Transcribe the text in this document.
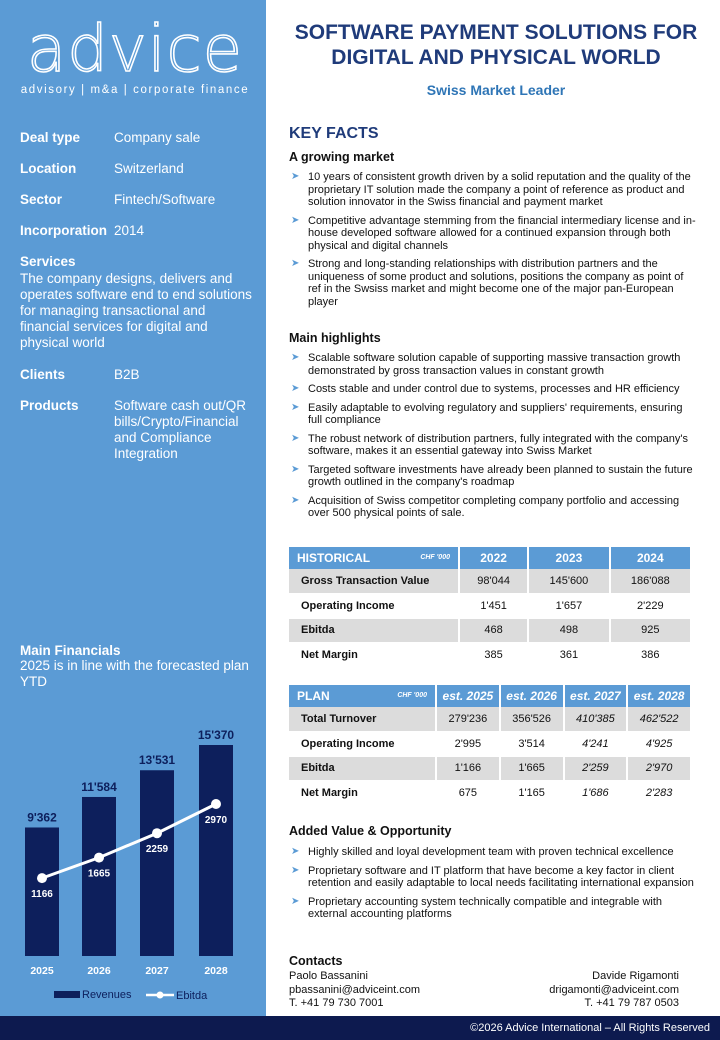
advice
advisory | m&a | corporate finance
Deal type	Company sale
Location	Switzerland
Sector	Fintech/Software
Incorporation 2014
Services
The company designs, delivers and operates software end to end solutions for managing transactional and financial services for digital and physical world
Clients	B2B
Products	Software cash out/QR bills/Crypto/Financial and Compliance Integration
Main Financials
2025 is in line with the forecasted plan YTD
9'362
2025
11'584
2026
13'531
2027
15'370
2028
1166
1665
2259
2970
Revenues	Ebitda
SOFTWARE PAYMENT SOLUTIONS FOR DIGITAL AND PHYSICAL WORLD
Swiss Market Leader
KEY FACTS
A growing market
➤ 10 years of consistent growth driven by a solid reputation and the quality of the proprietary IT solution made the company a point of reference as product and solution innovator in the Swiss financial and payment market
➤ Competitive advantage stemming from the financial intermediary license and in-house developed software allowed for a continued expansion through both physical and digital channels
➤ Strong and long-standing relationships with distribution partners and the uniqueness of some product and solutions, positions the company as point of ref in the Swsiss market and might become one of the major pan-European player
Main highlights
➤ Scalable software solution capable of supporting massive transaction growth demonstrated by gross transaction values in constant growth
➤ Costs stable and under control due to systems, processes and HR efficiency
➤ Easily adaptable to evolving regulatory and suppliers' requirements, ensuring full compliance
➤ The robust network of distribution partners, fully integrated with the company's software, makes it an essential gateway into Swiss Market
➤ Targeted software investments have already been planned to sustain the future growth outlined in the company's roadmap
➤ Acquisition of Swiss competitor completing company portfolio and accessing over 500 physical points of sale.
HISTORICAL CHF '000	2022	2023	2024
Gross Transaction Value	98'044	145'600	186'088
Operating Income	1'451	1'657	2'229
Ebitda	468	498	925
Net Margin	385	361	386
PLAN CHF '000	est. 2025	est. 2026	est. 2027	est. 2028
Total Turnover	279'236	356'526	410'385	462'522
Operating Income	2'995	3'514	4'241	4'925
Ebitda	1'166	1'665	2'259	2'970
Net Margin	675	1'165	1'686	2'283
Added Value & Opportunity
➤ Highly skilled and loyal development team with proven technical excellence
➤ Proprietary software and IT platform that have become a key factor in client retention and easily adaptable to local needs facilitating international expansion
➤ Proprietary accounting system technically compatible and integrable with external accounting platforms
Contacts
Paolo Bassanini
pbassanini@adviceint.com
T. +41 79 730 7001
Davide Rigamonti
drigamonti@adviceint.com
T. +41 79 787 0503
©2026 Advice International – All Rights Reserved
